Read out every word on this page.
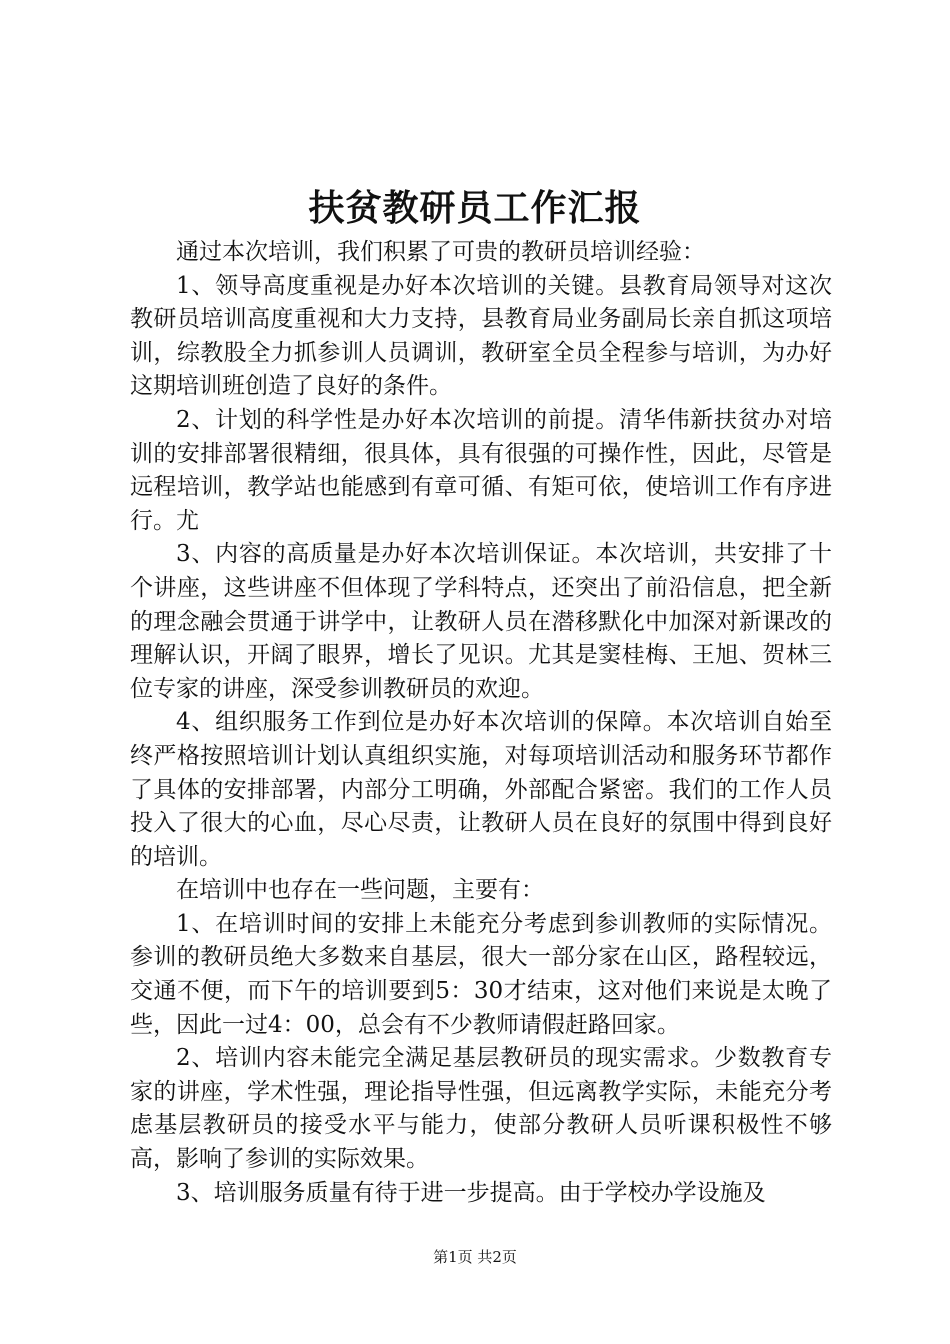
扶贫教研员工作汇报

通过本次培训，我们积累了可贵的教研员培训经验：

1、领导高度重视是办好本次培训的关键。县教育局领导对这次教研员培训高度重视和大力支持，县教育局业务副局长亲自抓这项培训，综教股全力抓参训人员调训，教研室全员全程参与培训，为办好这期培训班创造了良好的条件。

2、计划的科学性是办好本次培训的前提。清华伟新扶贫办对培训的安排部署很精细，很具体，具有很强的可操作性，因此，尽管是远程培训，教学站也能感到有章可循、有矩可依，使培训工作有序进行。尤

3、内容的高质量是办好本次培训保证。本次培训，共安排了十个讲座，这些讲座不但体现了学科特点，还突出了前沿信息，把全新的理念融会贯通于讲学中，让教研人员在潜移默化中加深对新课改的理解认识，开阔了眼界，增长了见识。尤其是窦桂梅、王旭、贺林三位专家的讲座，深受参训教研员的欢迎。

4、组织服务工作到位是办好本次培训的保障。本次培训自始至终严格按照培训计划认真组织实施，对每项培训活动和服务环节都作了具体的安排部署，内部分工明确，外部配合紧密。我们的工作人员投入了很大的心血，尽心尽责，让教研人员在良好的氛围中得到良好的培训。

在培训中也存在一些问题，主要有：

1、在培训时间的安排上未能充分考虑到参训教师的实际情况。参训的教研员绝大多数来自基层，很大一部分家在山区，路程较远，交通不便，而下午的培训要到5：30才结束，这对他们来说是太晚了些，因此一过4：00，总会有不少教师请假赶路回家。

2、培训内容未能完全满足基层教研员的现实需求。少数教育专家的讲座，学术性强，理论指导性强，但远离教学实际，未能充分考虑基层教研员的接受水平与能力，使部分教研人员听课积极性不够高，影响了参训的实际效果。

3、培训服务质量有待于进一步提高。由于学校办学设施及

第1页 共2页
